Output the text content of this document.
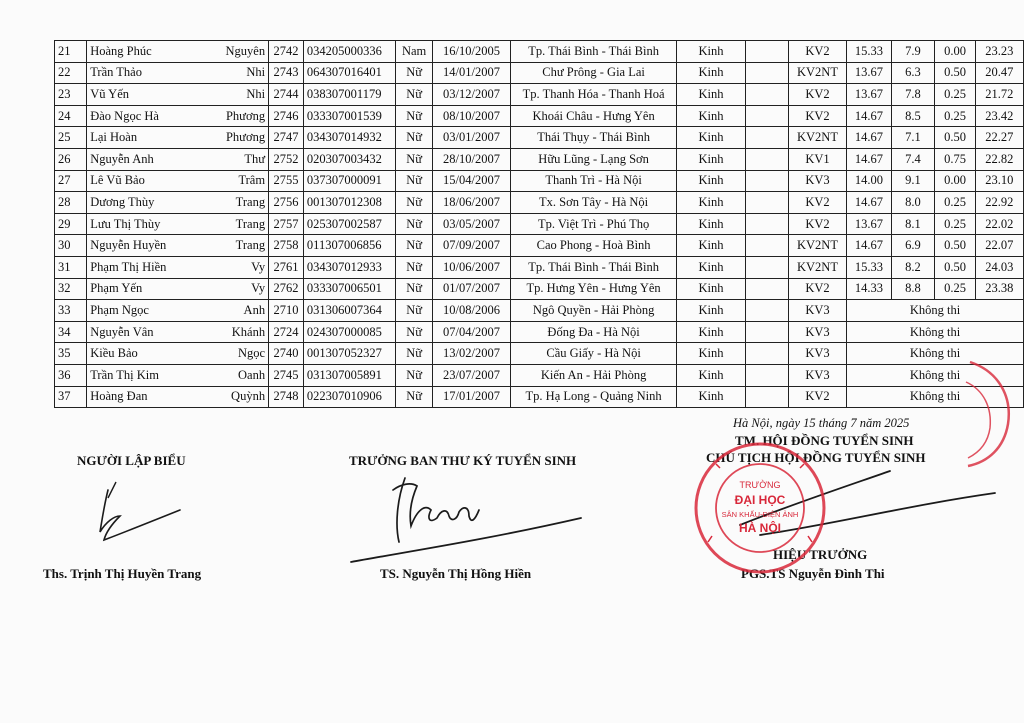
21	Hoàng Phúc	Nguyên	2742	034205000336	Nam	16/10/2005	Tp. Thái Bình - Thái Bình	Kinh		KV2	15.33	7.9	0.00	23.23
22	Trần Thảo	Nhi	2743	064307016401	Nữ	14/01/2007	Chư Prông - Gia Lai	Kinh		KV2NT	13.67	6.3	0.50	20.47
23	Vũ Yến	Nhi	2744	038307001179	Nữ	03/12/2007	Tp. Thanh Hóa - Thanh Hoá	Kinh		KV2	13.67	7.8	0.25	21.72
24	Đào Ngọc Hà	Phương	2746	033307001539	Nữ	08/10/2007	Khoái Châu - Hưng Yên	Kinh		KV2	14.67	8.5	0.25	23.42
25	Lại Hoàn	Phương	2747	034307014932	Nữ	03/01/2007	Thái Thụy - Thái Bình	Kinh		KV2NT	14.67	7.1	0.50	22.27
26	Nguyễn Anh	Thư	2752	020307003432	Nữ	28/10/2007	Hữu Lũng - Lạng Sơn	Kinh		KV1	14.67	7.4	0.75	22.82
27	Lê Vũ Bảo	Trâm	2755	037307000091	Nữ	15/04/2007	Thanh Trì - Hà Nội	Kinh		KV3	14.00	9.1	0.00	23.10
28	Dương Thùy	Trang	2756	001307012308	Nữ	18/06/2007	Tx. Sơn Tây - Hà Nội	Kinh		KV2	14.67	8.0	0.25	22.92
29	Lưu Thị Thùy	Trang	2757	025307002587	Nữ	03/05/2007	Tp. Việt Trì - Phú Thọ	Kinh		KV2	13.67	8.1	0.25	22.02
30	Nguyễn Huyền	Trang	2758	011307006856	Nữ	07/09/2007	Cao Phong - Hoà Bình	Kinh		KV2NT	14.67	6.9	0.50	22.07
31	Phạm Thị Hiền	Vy	2761	034307012933	Nữ	10/06/2007	Tp. Thái Bình - Thái Bình	Kinh		KV2NT	15.33	8.2	0.50	24.03
32	Phạm Yến	Vy	2762	033307006501	Nữ	01/07/2007	Tp. Hưng Yên - Hưng Yên	Kinh		KV2	14.33	8.8	0.25	23.38
33	Phạm Ngọc	Anh	2710	031306007364	Nữ	10/08/2006	Ngô Quyền - Hải Phòng	Kinh		KV3	Không thi			
34	Nguyễn Vân	Khánh	2724	024307000085	Nữ	07/04/2007	Đống Đa - Hà Nội	Kinh		KV3	Không thi			
35	Kiều Bảo	Ngọc	2740	001307052327	Nữ	13/02/2007	Cầu Giấy - Hà Nội	Kinh		KV3	Không thi			
36	Trần Thị Kim	Oanh	2745	031307005891	Nữ	23/07/2007	Kiến An - Hải Phòng	Kinh		KV3	Không thi			
37	Hoàng Đan	Quỳnh	2748	022307010906	Nữ	17/01/2007	Tp. Hạ Long - Quảng Ninh	Kinh		KV2	Không thi			
Hà Nội, ngày 15 tháng 7 năm 2025
TM. HỘI ĐỒNG TUYỂN SINH
CHỦ TỊCH HỘI ĐỒNG TUYỂN SINH
NGƯỜI LẬP BIỂU
Ths. Trịnh Thị Huyền Trang
TRƯỞNG BAN THƯ KÝ TUYỂN SINH
TS. Nguyễn Thị Hồng Hiền
HIỆU TRƯỞNG
PGS.TS Nguyễn Đình Thi
TRƯỜNG
ĐẠI HỌC
SÂN KHẤU-ĐIỆN ẢNH
HÀ NỘI
